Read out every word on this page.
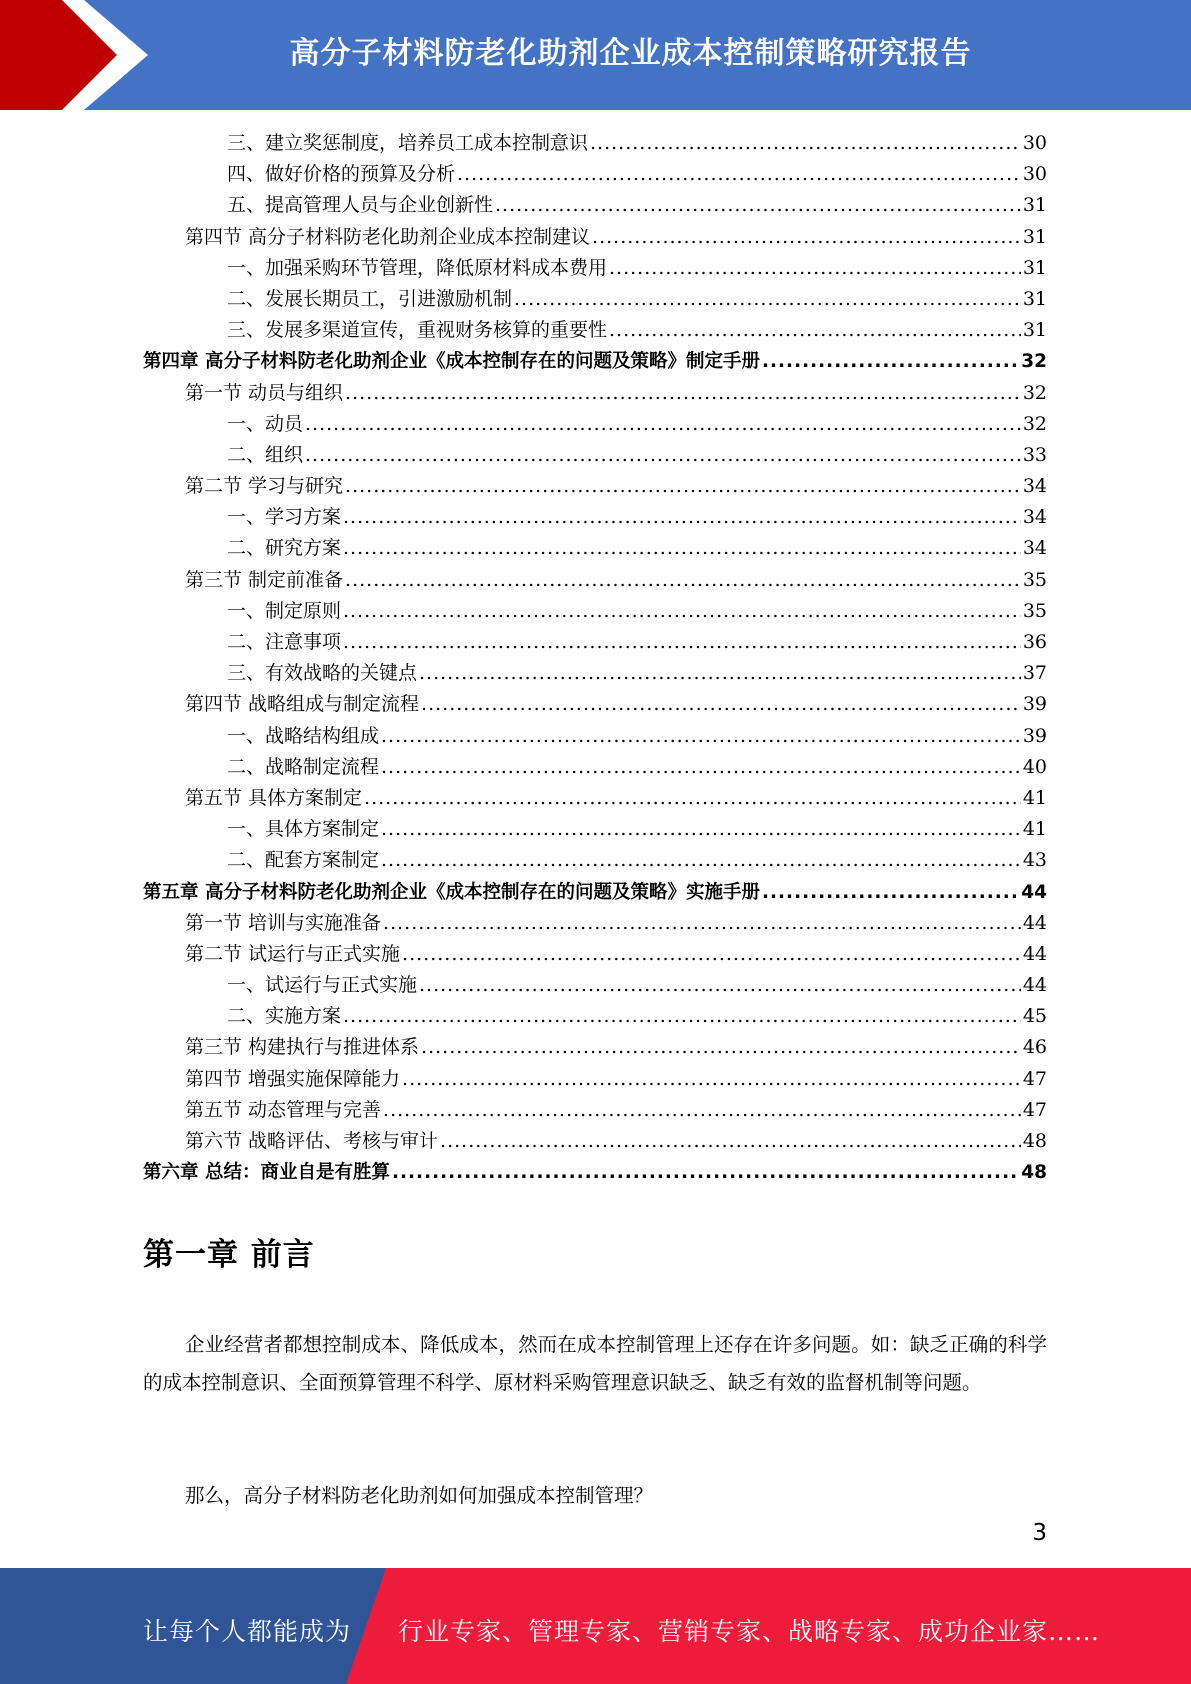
高分子材料防老化助剂企业成本控制策略研究报告
三、建立奖惩制度，培养员工成本控制意识 .....	30
四、做好价格的预算及分析 .....	30
五、提高管理人员与企业创新性 .....	31
第四节 高分子材料防老化助剂企业成本控制建议 .....	31
一、加强采购环节管理，降低原材料成本费用 .....	31
二、发展长期员工，引进激励机制 .....	31
三、发展多渠道宣传，重视财务核算的重要性 .....	31
第四章 高分子材料防老化助剂企业《成本控制存在的问题及策略》制定手册 .....	32
第一节 动员与组织 .....	32
一、动员 .....	32
二、组织 .....	33
第二节 学习与研究 .....	34
一、学习方案 .....	34
二、研究方案 .....	34
第三节 制定前准备 .....	35
一、制定原则 .....	35
二、注意事项 .....	36
三、有效战略的关键点 .....	37
第四节 战略组成与制定流程 .....	39
一、战略结构组成 .....	39
二、战略制定流程 .....	40
第五节 具体方案制定 .....	41
一、具体方案制定 .....	41
二、配套方案制定 .....	43
第五章 高分子材料防老化助剂企业《成本控制存在的问题及策略》实施手册 .....	44
第一节 培训与实施准备 .....	44
第二节 试运行与正式实施 .....	44
一、试运行与正式实施 .....	44
二、实施方案 .....	45
第三节 构建执行与推进体系 .....	46
第四节 增强实施保障能力 .....	47
第五节 动态管理与完善 .....	47
第六节 战略评估、考核与审计 .....	48
第六章 总结：商业自是有胜算 .....	48
第一章 前言
企业经营者都想控制成本、降低成本，然而在成本控制管理上还存在许多问题。如：缺乏正确的科学的成本控制意识、全面预算管理不科学、原材料采购管理意识缺乏、缺乏有效的监督机制等问题。
那么，高分子材料防老化助剂如何加强成本控制管理？
3
让每个人都能成为 行业专家、管理专家、营销专家、战略专家、成功企业家……
